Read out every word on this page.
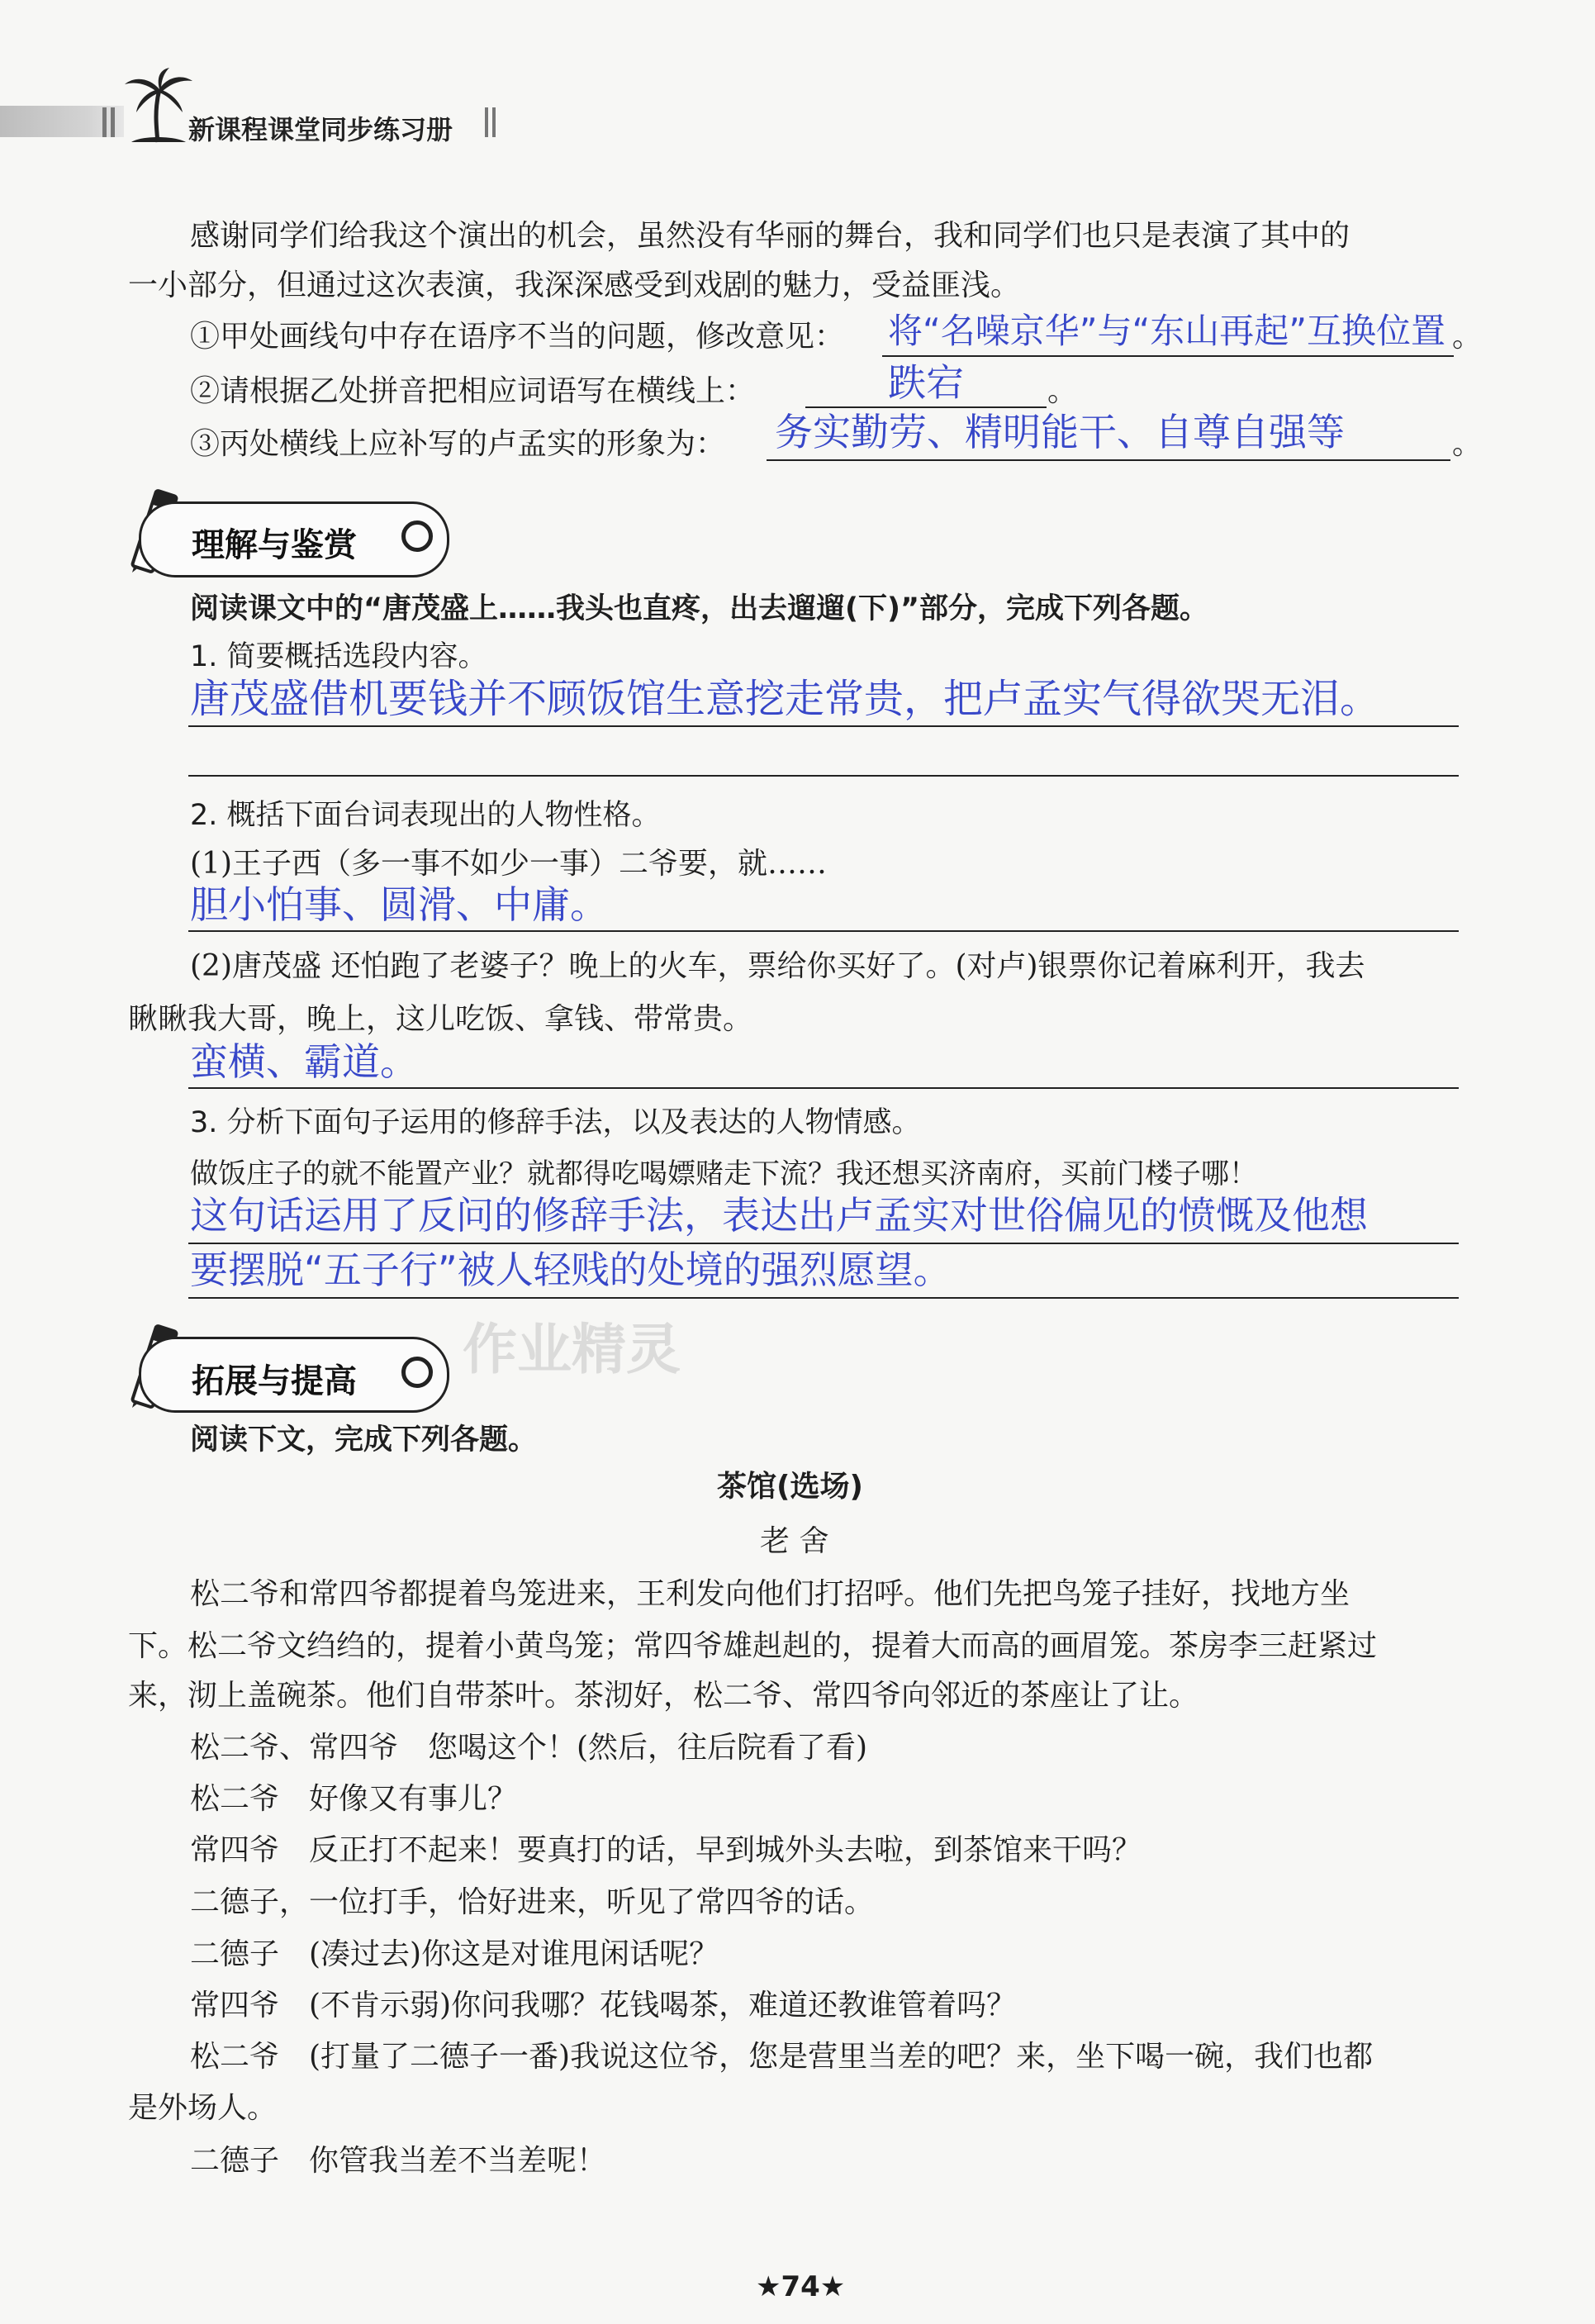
新课程课堂同步练习册
感谢同学们给我这个演出的机会，虽然没有华丽的舞台，我和同学们也只是表演了其中的
一小部分，但通过这次表演，我深深感受到戏剧的魅力，受益匪浅。
①甲处画线句中存在语序不当的问题，修改意见： 将“名噪京华”与“东山再起”互换位置 。
②请根据乙处拼音把相应词语写在横线上：	跌宕	。
③丙处横线上应补写的卢孟实的形象为： 务实勤劳、精明能干、自尊自强等	。
理解与鉴赏
阅读课文中的“唐茂盛上……我头也直疼，出去遛遛(下)”部分，完成下列各题。
1. 简要概括选段内容。
唐茂盛借机要钱并不顾饭馆生意挖走常贵，把卢孟实气得欲哭无泪。
2. 概括下面台词表现出的人物性格。
(1)王子西（多一事不如少一事）二爷要，就……
胆小怕事、圆滑、中庸。
(2)唐茂盛 还怕跑了老婆子？晚上的火车，票给你买好了。(对卢)银票你记着麻利开，我去
瞅瞅我大哥，晚上，这儿吃饭、拿钱、带常贵。
蛮横、霸道。
3. 分析下面句子运用的修辞手法，以及表达的人物情感。
做饭庄子的就不能置产业？就都得吃喝嫖赌走下流？我还想买济南府，买前门楼子哪！
这句话运用了反问的修辞手法，表达出卢孟实对世俗偏见的愤慨及他想
要摆脱“五子行”被人轻贱的处境的强烈愿望。
作业精灵
拓展与提高
阅读下文，完成下列各题。
茶馆(选场)
老 舍
松二爷和常四爷都提着鸟笼进来，王利发向他们打招呼。他们先把鸟笼子挂好，找地方坐
下。松二爷文绉绉的，提着小黄鸟笼；常四爷雄赳赳的，提着大而高的画眉笼。茶房李三赶紧过
来，沏上盖碗茶。他们自带茶叶。茶沏好，松二爷、常四爷向邻近的茶座让了让。
松二爷、常四爷　您喝这个！(然后，往后院看了看)
松二爷　好像又有事儿？
常四爷　反正打不起来！要真打的话，早到城外头去啦，到茶馆来干吗？
二德子，一位打手，恰好进来，听见了常四爷的话。
二德子　(凑过去)你这是对谁甩闲话呢？
常四爷　(不肯示弱)你问我哪？花钱喝茶，难道还教谁管着吗？
松二爷　(打量了二德子一番)我说这位爷，您是营里当差的吧？来，坐下喝一碗，我们也都
是外场人。
二德子　你管我当差不当差呢！
★74★
